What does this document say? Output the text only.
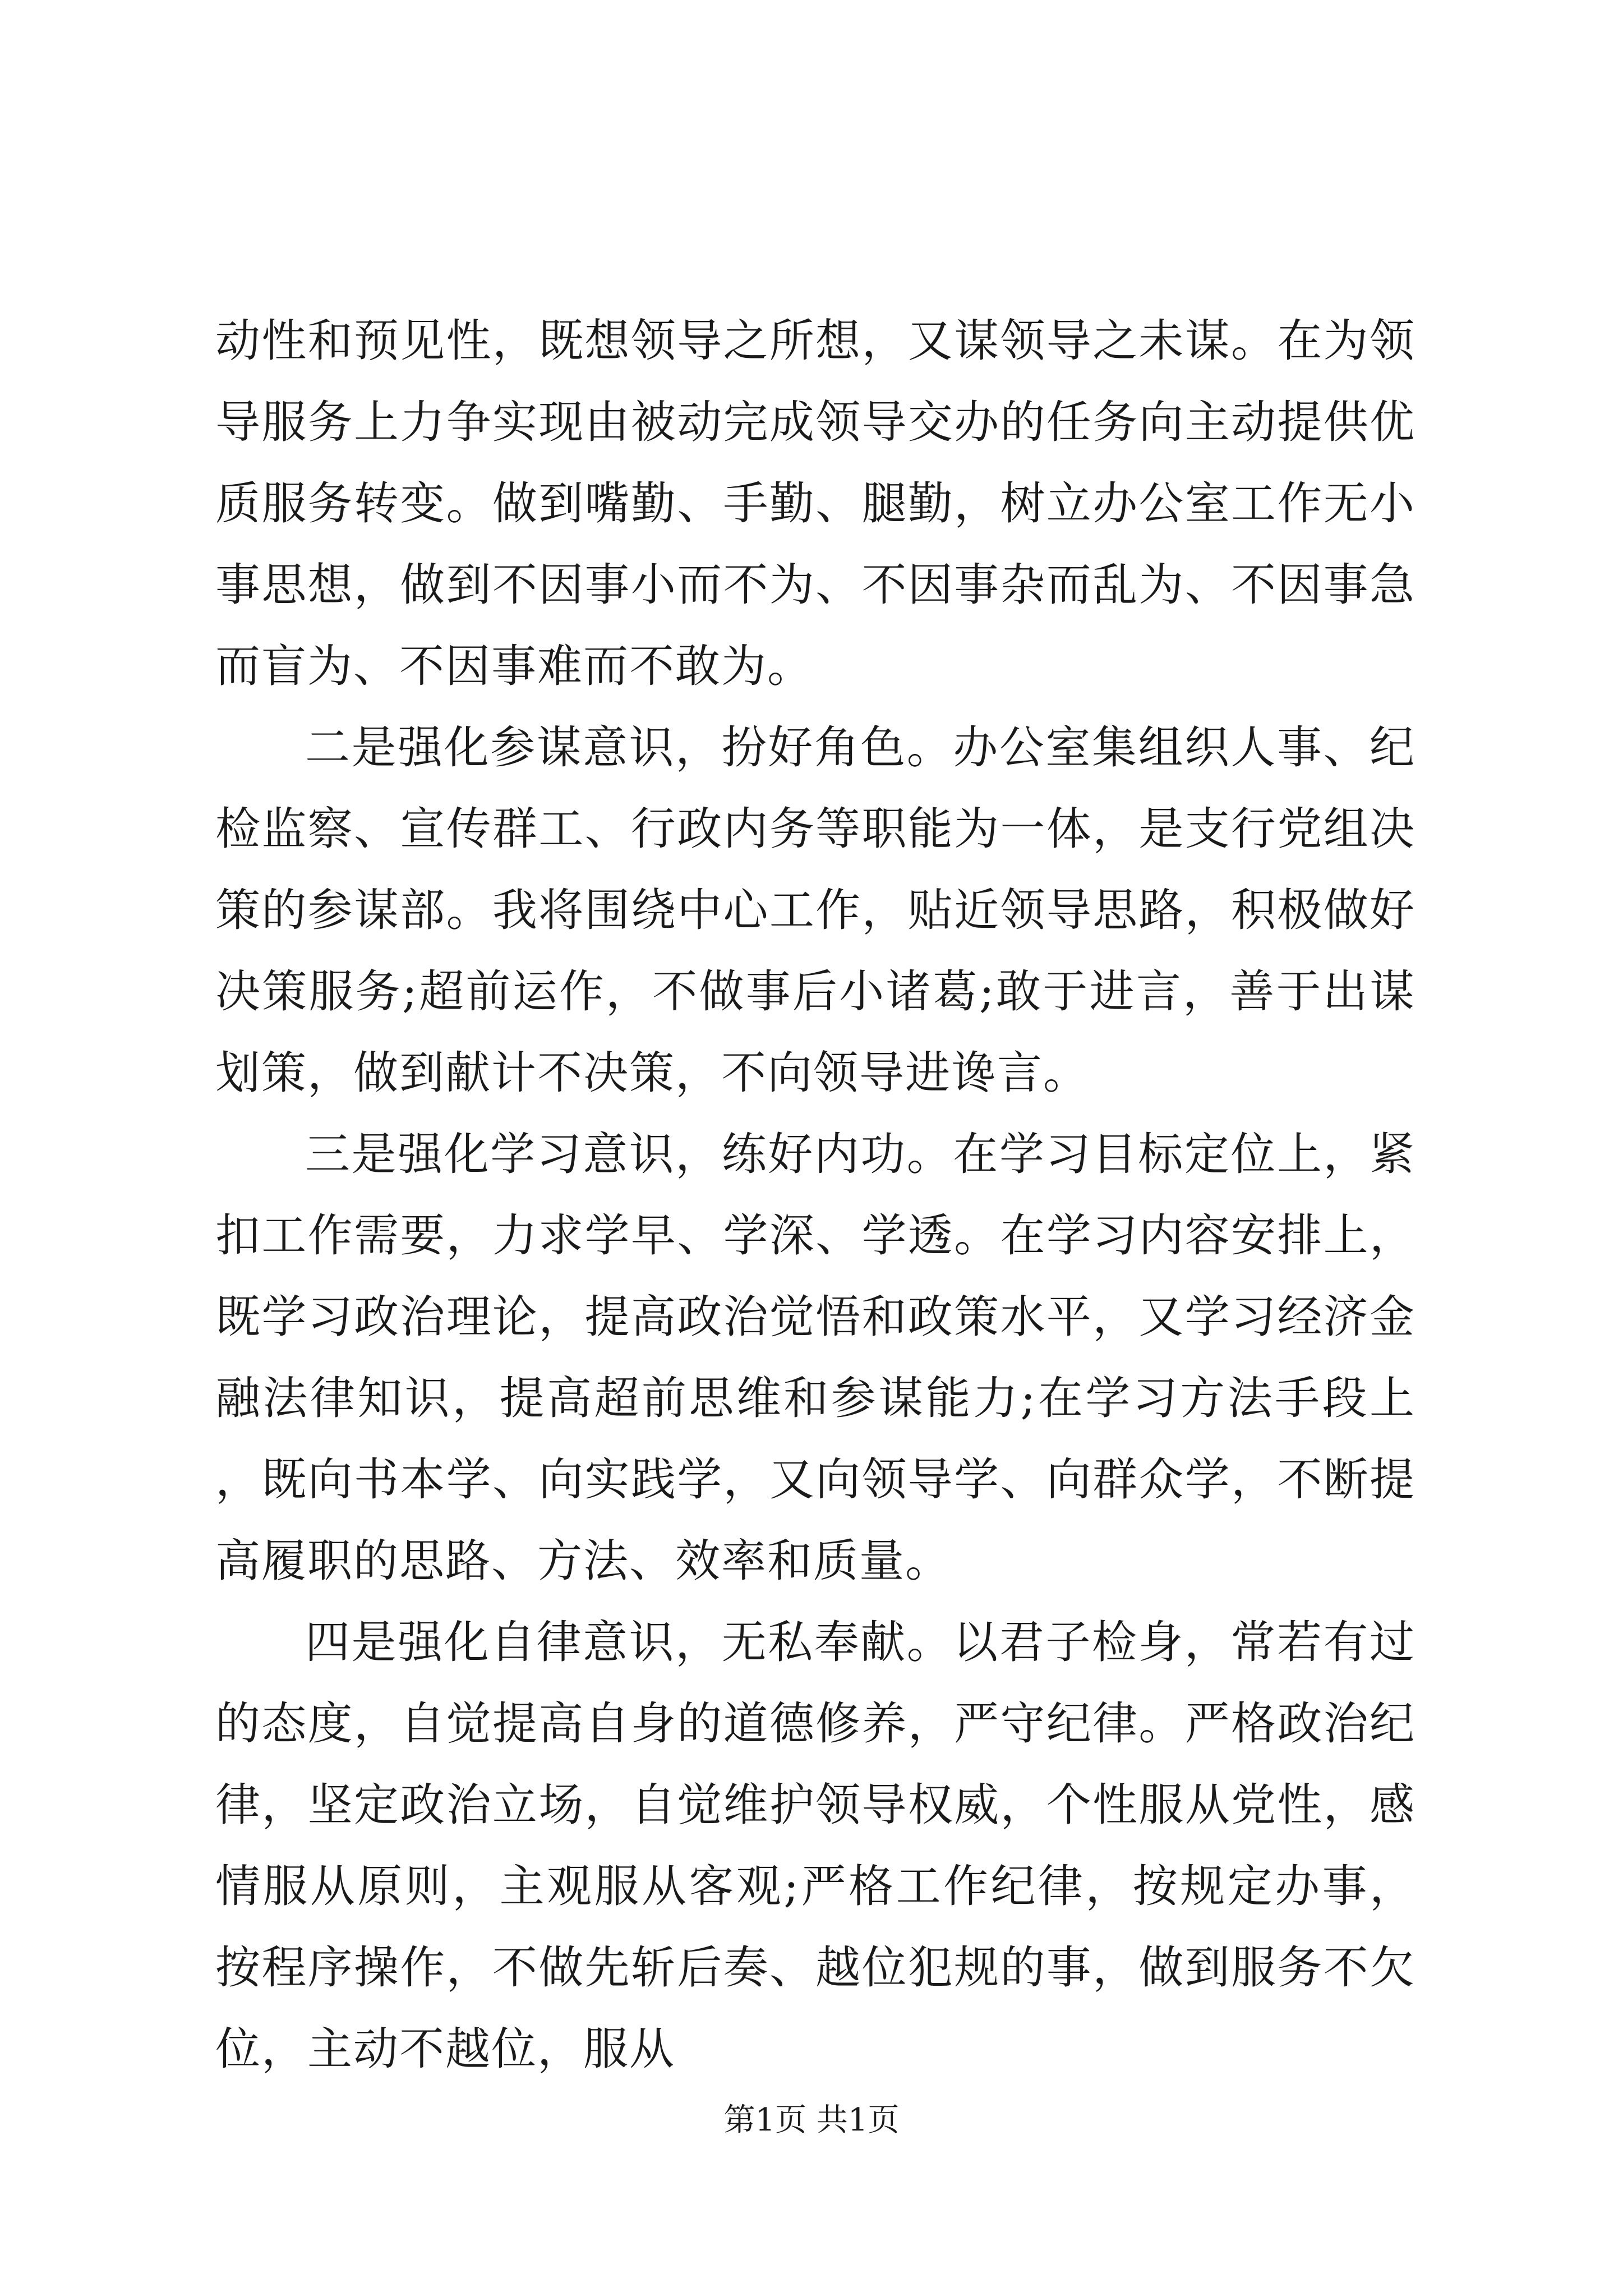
动性和预见性，既想领导之所想，又谋领导之未谋。在为领导服务上力争实现由被动完成领导交办的任务向主动提供优质服务转变。做到嘴勤、手勤、腿勤，树立办公室工作无小事思想，做到不因事小而不为、不因事杂而乱为、不因事急而盲为、不因事难而不敢为。

二是强化参谋意识，扮好角色。办公室集组织人事、纪检监察、宣传群工、行政内务等职能为一体，是支行党组决策的参谋部。我将围绕中心工作，贴近领导思路，积极做好决策服务;超前运作，不做事后小诸葛;敢于进言，善于出谋划策，做到献计不决策，不向领导进谗言。

三是强化学习意识，练好内功。在学习目标定位上，紧扣工作需要，力求学早、学深、学透。在学习内容安排上，既学习政治理论，提高政治觉悟和政策水平，又学习经济金融法律知识，提高超前思维和参谋能力;在学习方法手段上，既向书本学、向实践学，又向领导学、向群众学，不断提高履职的思路、方法、效率和质量。

四是强化自律意识，无私奉献。以君子检身，常若有过的态度，自觉提高自身的道德修养，严守纪律。严格政治纪律，坚定政治立场，自觉维护领导权威，个性服从党性，感情服从原则，主观服从客观;严格工作纪律，按规定办事，按程序操作，不做先斩后奏、越位犯规的事，做到服务不欠位，主动不越位，服从

第1页 共1页
